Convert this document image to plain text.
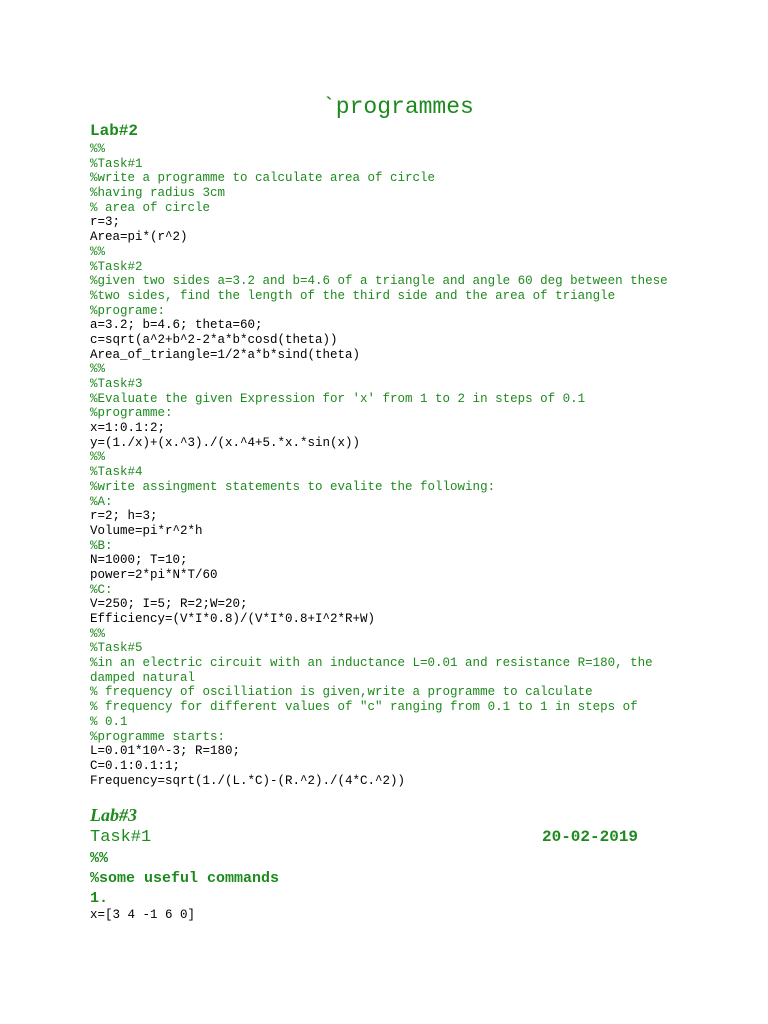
`programmes
Lab#2
%%
%Task#1
%write a programme to calculate area of circle
%having radius 3cm
% area of circle
r=3;
Area=pi*(r^2)
%%
%Task#2
%given two sides a=3.2 and b=4.6 of a triangle and angle 60 deg between these
%two sides, find the length of the third side and the area of triangle
%programe:
a=3.2; b=4.6; theta=60;
c=sqrt(a^2+b^2-2*a*b*cosd(theta))
Area_of_triangle=1/2*a*b*sind(theta)
%%
%Task#3
%Evaluate the given Expression for 'x' from 1 to 2 in steps of 0.1
%programme:
x=1:0.1:2;
y=(1./x)+(x.^3)./(x.^4+5.*x.*sin(x))
%%
%Task#4
%write assingment statements to evalite the following:
%A:
r=2; h=3;
Volume=pi*r^2*h
%B:
N=1000; T=10;
power=2*pi*N*T/60
%C:
V=250; I=5; R=2;W=20;
Efficiency=(V*I*0.8)/(V*I*0.8+I^2*R+W)
%%
%Task#5
%in an electric circuit with an inductance L=0.01 and resistance R=180, the
damped natural
% frequency of oscilliation is given,write a programme to calculate
% frequency for different values of "c" ranging from 0.1 to 1 in steps of
% 0.1
%programme starts:
L=0.01*10^-3; R=180;
C=0.1:0.1:1;
Frequency=sqrt(1./(L.*C)-(R.^2)./(4*C.^2))
Lab#3
Task#1	20-02-2019
%%
%some useful commands
1.
x=[3 4 -1 6 0]
